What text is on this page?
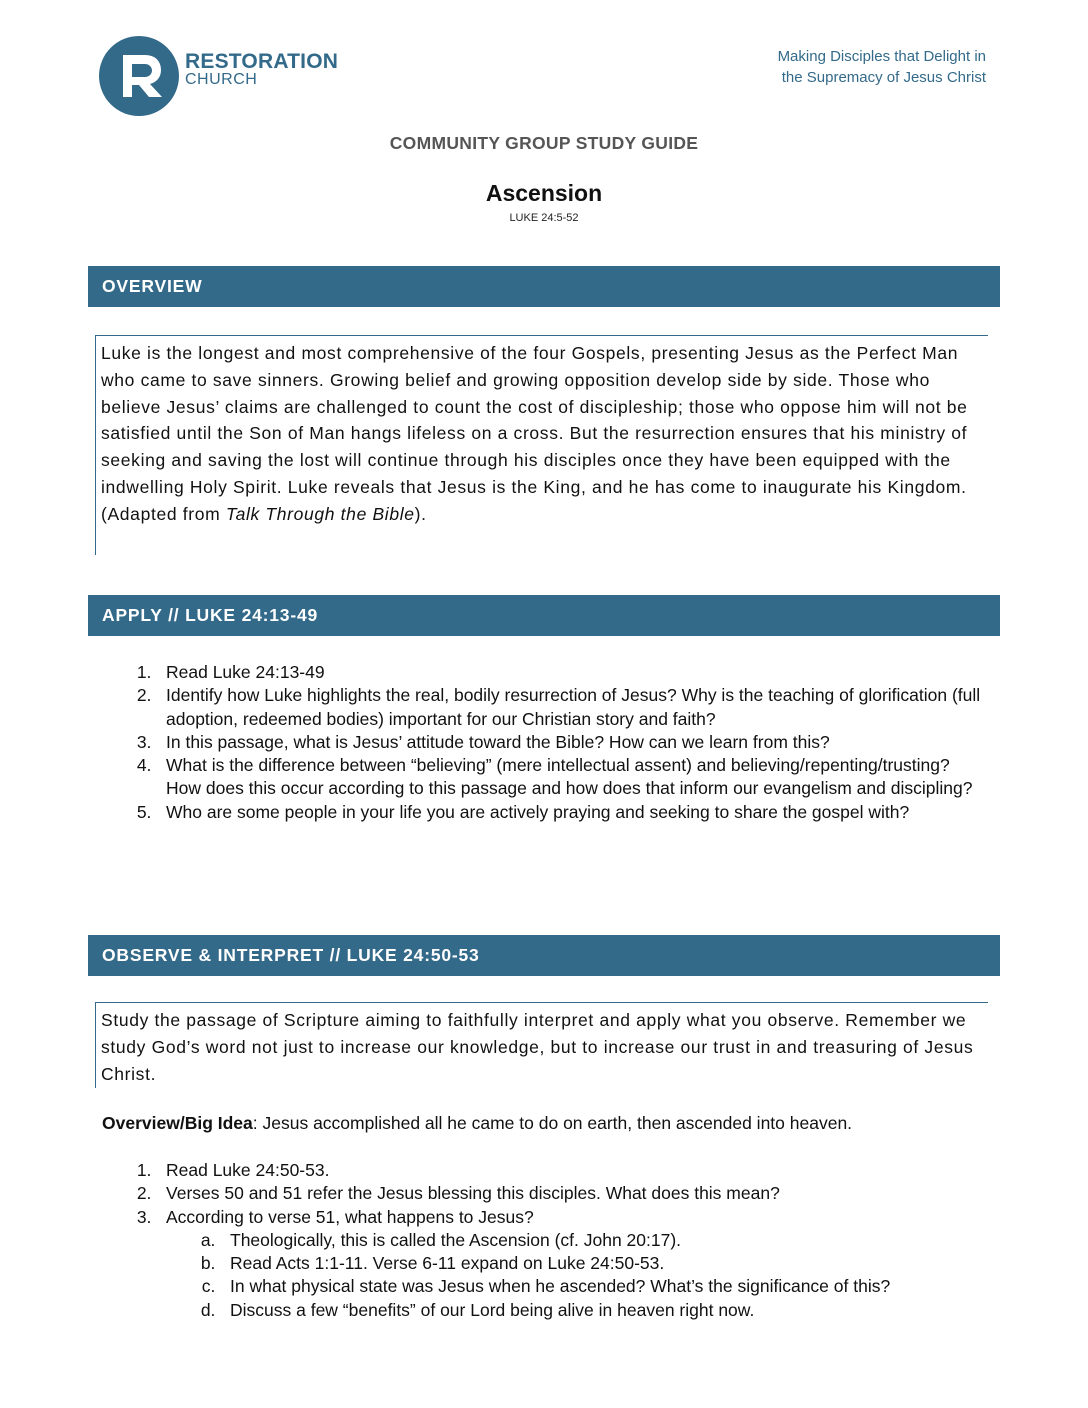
RESTORATION
CHURCH
Making Disciples that Delight in
the Supremacy of Jesus Christ
COMMUNITY GROUP STUDY GUIDE
Ascension
LUKE 24:5-52
OVERVIEW
Luke is the longest and most comprehensive of the four Gospels, presenting Jesus as the Perfect Man who came to save sinners. Growing belief and growing opposition develop side by side. Those who believe Jesus’ claims are challenged to count the cost of discipleship; those who oppose him will not be satisfied until the Son of Man hangs lifeless on a cross. But the resurrection ensures that his ministry of seeking and saving the lost will continue through his disciples once they have been equipped with the indwelling Holy Spirit. Luke reveals that Jesus is the King, and he has come to inaugurate his Kingdom. (Adapted from Talk Through the Bible).
APPLY // LUKE 24:13-49
1. Read Luke 24:13-49
2. Identify how Luke highlights the real, bodily resurrection of Jesus? Why is the teaching of glorification (full adoption, redeemed bodies) important for our Christian story and faith?
3. In this passage, what is Jesus’ attitude toward the Bible? How can we learn from this?
4. What is the difference between “believing” (mere intellectual assent) and believing/repenting/trusting? How does this occur according to this passage and how does that inform our evangelism and discipling?
5. Who are some people in your life you are actively praying and seeking to share the gospel with?
OBSERVE & INTERPRET // LUKE 24:50-53
Study the passage of Scripture aiming to faithfully interpret and apply what you observe. Remember we study God’s word not just to increase our knowledge, but to increase our trust in and treasuring of Jesus Christ.
Overview/Big Idea: Jesus accomplished all he came to do on earth, then ascended into heaven.
1. Read Luke 24:50-53.
2. Verses 50 and 51 refer the Jesus blessing this disciples. What does this mean?
3. According to verse 51, what happens to Jesus?
a. Theologically, this is called the Ascension (cf. John 20:17).
b. Read Acts 1:1-11. Verse 6-11 expand on Luke 24:50-53.
c. In what physical state was Jesus when he ascended? What’s the significance of this?
d. Discuss a few “benefits” of our Lord being alive in heaven right now.
